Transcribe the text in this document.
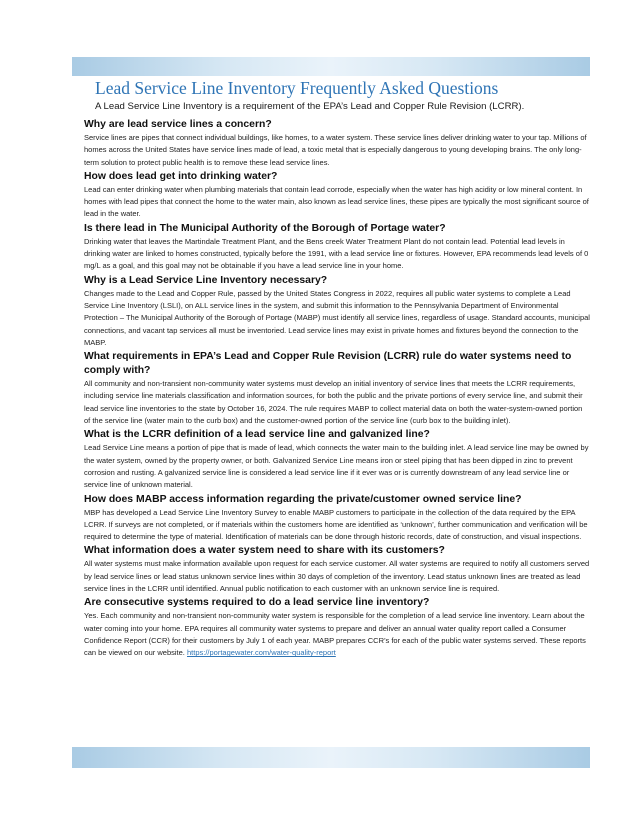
Lead Service Line Inventory Frequently Asked Questions

A Lead Service Line Inventory is a requirement of the EPA’s Lead and Copper Rule Revision (LCRR).

Why are lead service lines a concern?

Service lines are pipes that connect individual buildings, like homes, to a water system. These service lines deliver drinking water to your tap. Millions of homes across the United States have service lines made of lead, a toxic metal that is especially dangerous to young developing brains. The only long-term solution to protect public health is to remove these lead service lines.

How does lead get into drinking water?

Lead can enter drinking water when plumbing materials that contain lead corrode, especially when the water has high acidity or low mineral content. In homes with lead pipes that connect the home to the water main, also known as lead service lines, these pipes are typically the most significant source of lead in the water.

Is there lead in The Municipal Authority of the Borough of Portage water?

Drinking water that leaves the Martindale Treatment Plant, and the Bens creek Water Treatment Plant do not contain lead. Potential lead levels in drinking water are linked to homes constructed, typically before the 1991, with a lead service line or fixtures. However, EPA recommends lead levels of 0 mg/L as a goal, and this goal may not be obtainable if you have a lead service line in your home.

Why is a Lead Service Line Inventory necessary?

Changes made to the Lead and Copper Rule, passed by the United States Congress in 2022, requires all public water systems to complete a Lead Service Line Inventory (LSLI), on ALL service lines in the system, and submit this information to the Pennsylvania Department of Environmental Protection – The Municipal Authority of the Borough of Portage (MABP) must identify all service lines, regardless of usage. Standard accounts, municipal connections, and vacant tap services all must be inventoried. Lead service lines may exist in private homes and fixtures beyond the connection to the MABP.

What requirements in EPA’s Lead and Copper Rule Revision (LCRR) rule do water systems need to comply with?

All community and non-transient non-community water systems must develop an initial inventory of service lines that meets the LCRR requirements, including service line materials classification and information sources, for both the public and the private portions of every service line, and submit their lead service line inventories to the state by October 16, 2024. The rule requires MABP to collect material data on both the water-system-owned portion of the service line (water main to the curb box) and the customer-owned portion of the service line (curb box to the building inlet).

What is the LCRR definition of a lead service line and galvanized line?

Lead Service Line means a portion of pipe that is made of lead, which connects the water main to the building inlet. A lead service line may be owned by the water system, owned by the property owner, or both. Galvanized Service Line means iron or steel piping that has been dipped in zinc to prevent corrosion and rusting. A galvanized service line is considered a lead service line if it ever was or is currently downstream of any lead service line or service line of unknown material.

How does MABP access information regarding the private/customer owned service line?

MBP has developed a Lead Service Line Inventory Survey to enable MABP customers to participate in the collection of the data required by the EPA LCRR. If surveys are not completed, or if materials within the customers home are identified as ‘unknown’, further communication and verification will be required to determine the type of material. Identification of materials can be done through historic records, date of construction, and visual inspections.

What information does a water system need to share with its customers?

All water systems must make information available upon request for each service customer. All water systems are required to notify all customers served by lead service lines or lead status unknown service lines within 30 days of completion of the inventory. Lead status unknown lines are treated as lead service lines in the LCRR until identified. Annual public notification to each customer with an unknown service line is required.

Are consecutive systems required to do a lead service line inventory?

Yes. Each community and non-transient non-community water system is responsible for the completion of a lead service line inventory. Learn about the water coming into your home. EPA requires all community water systems to prepare and deliver an annual water quality report called a Consumer Confidence Report (CCR) for their customers by July 1 of each year. MABP prepares CCR’s for each of the public water systems served. These reports can be viewed on our website. https://portagewater.com/water-quality-report
